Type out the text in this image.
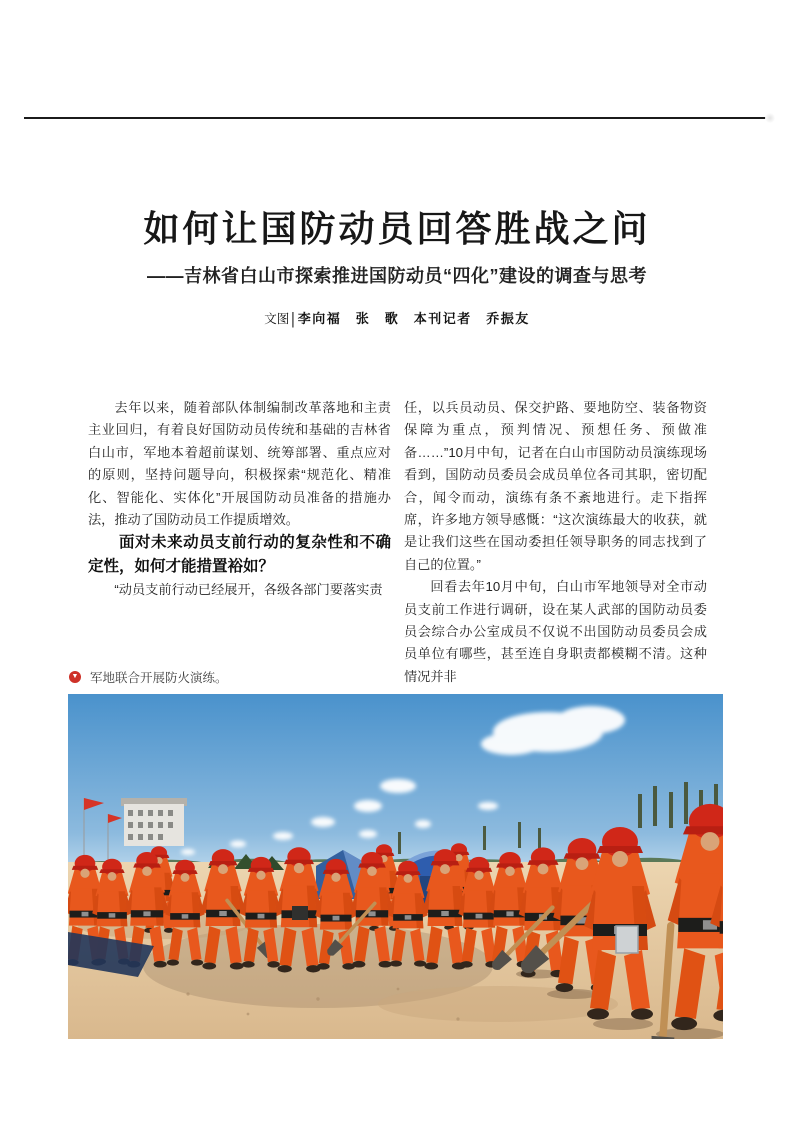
如何让国防动员回答胜战之问
——吉林省白山市探索推进国防动员“四化”建设的调查与思考
文图 | 李向福　张　歌　本刊记者　乔振友

去年以来，随着部队体制编制改革落地和主责主业回归，有着良好国防动员传统和基础的吉林省白山市，军地本着超前谋划、统筹部署、重点应对的原则，坚持问题导向，积极探索“规范化、精准化、智能化、实体化”开展国防动员准备的措施办法，推动了国防动员工作提质增效。

面对未来动员支前行动的复杂性和不确定性，如何才能措置裕如？

“动员支前行动已经展开，各级各部门要落实责

任，以兵员动员、保交护路、要地防空、装备物资保障为重点，预判情况、预想任务、预做准备……”10月中旬，记者在白山市国防动员演练现场看到，国防动员委员会成员单位各司其职，密切配合，闻令而动，演练有条不紊地进行。走下指挥席，许多地方领导感慨：“这次演练最大的收获，就是让我们这些在国动委担任领导职务的同志找到了自己的位置。”

回看去年10月中旬，白山市军地领导对全市动员支前工作进行调研，设在某人武部的国防动员委员会综合办公室成员不仅说不出国防动员委员会成员单位有哪些，甚至连自身职责都模糊不清。这种情况并非

▼ 军地联合开展防火演练。
